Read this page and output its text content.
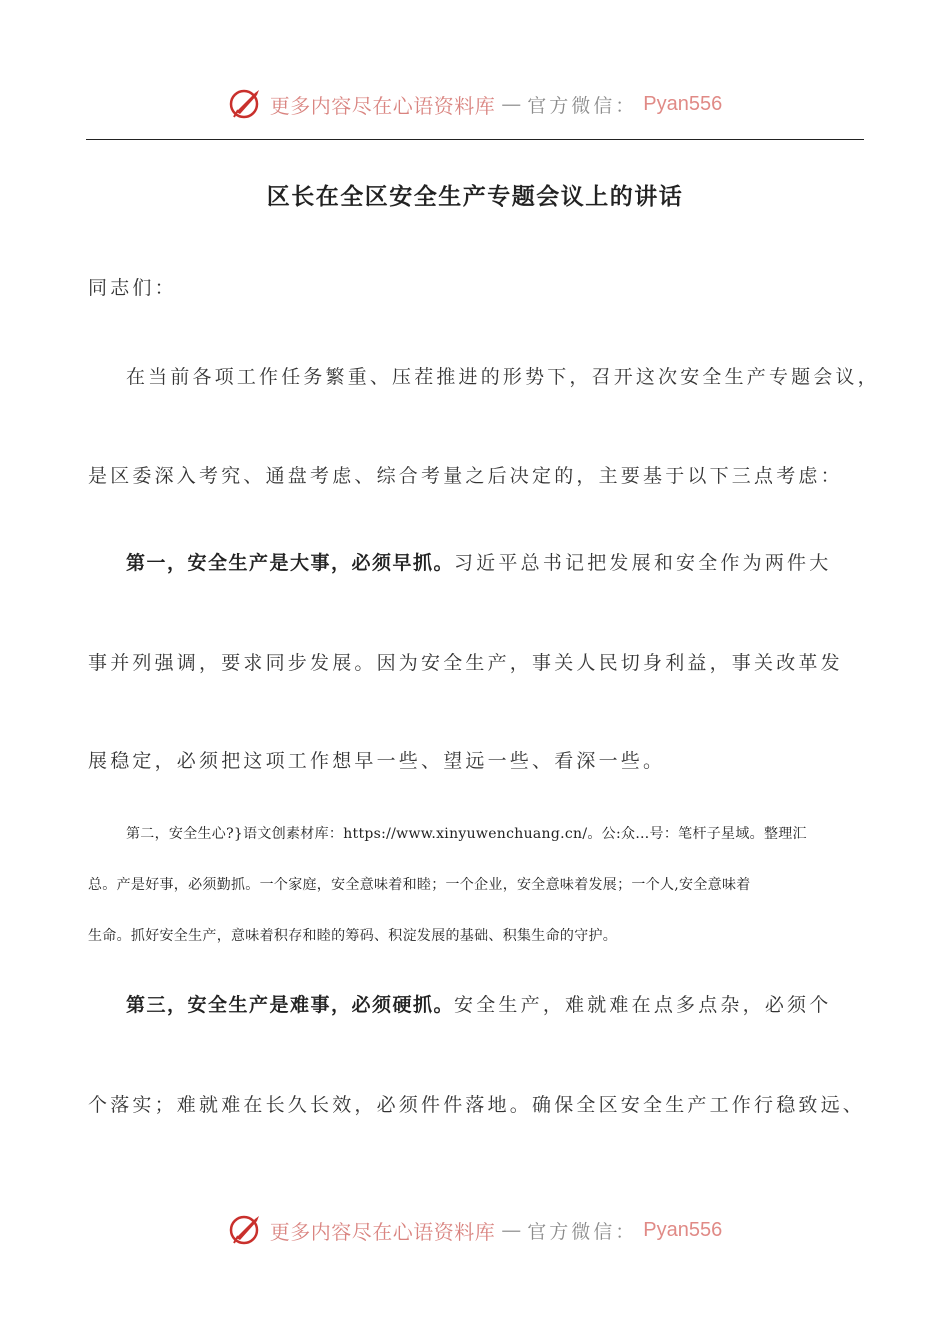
更多内容尽在心语资料库 — 官方微信： Pyan556
区长在全区安全生产专题会议上的讲话
同志们：
在当前各项工作任务繁重、压茬推进的形势下，召开这次安全生产专题会议，
是区委深入考究、通盘考虑、综合考量之后决定的，主要基于以下三点考虑：
第一，安全生产是大事，必须早抓。习近平总书记把发展和安全作为两件大
事并列强调，要求同步发展。因为安全生产，事关人民切身利益，事关改革发
展稳定，必须把这项工作想早一些、望远一些、看深一些。
第二，安全生心?}语文创素材库：https://www.xinyuwenchuang.cn/。公:众…号：笔杆子星域。整理汇
总。产是好事，必须勤抓。一个家庭，安全意味着和睦；一个企业，安全意味着发展；一个人,安全意味着
生命。抓好安全生产，意味着积存和睦的筹码、积淀发展的基础、积集生命的守护。
第三，安全生产是难事，必须硬抓。安全生产，难就难在点多点杂，必须个
个落实；难就难在长久长效，必须件件落地。确保全区安全生产工作行稳致远、
更多内容尽在心语资料库 — 官方微信： Pyan556
